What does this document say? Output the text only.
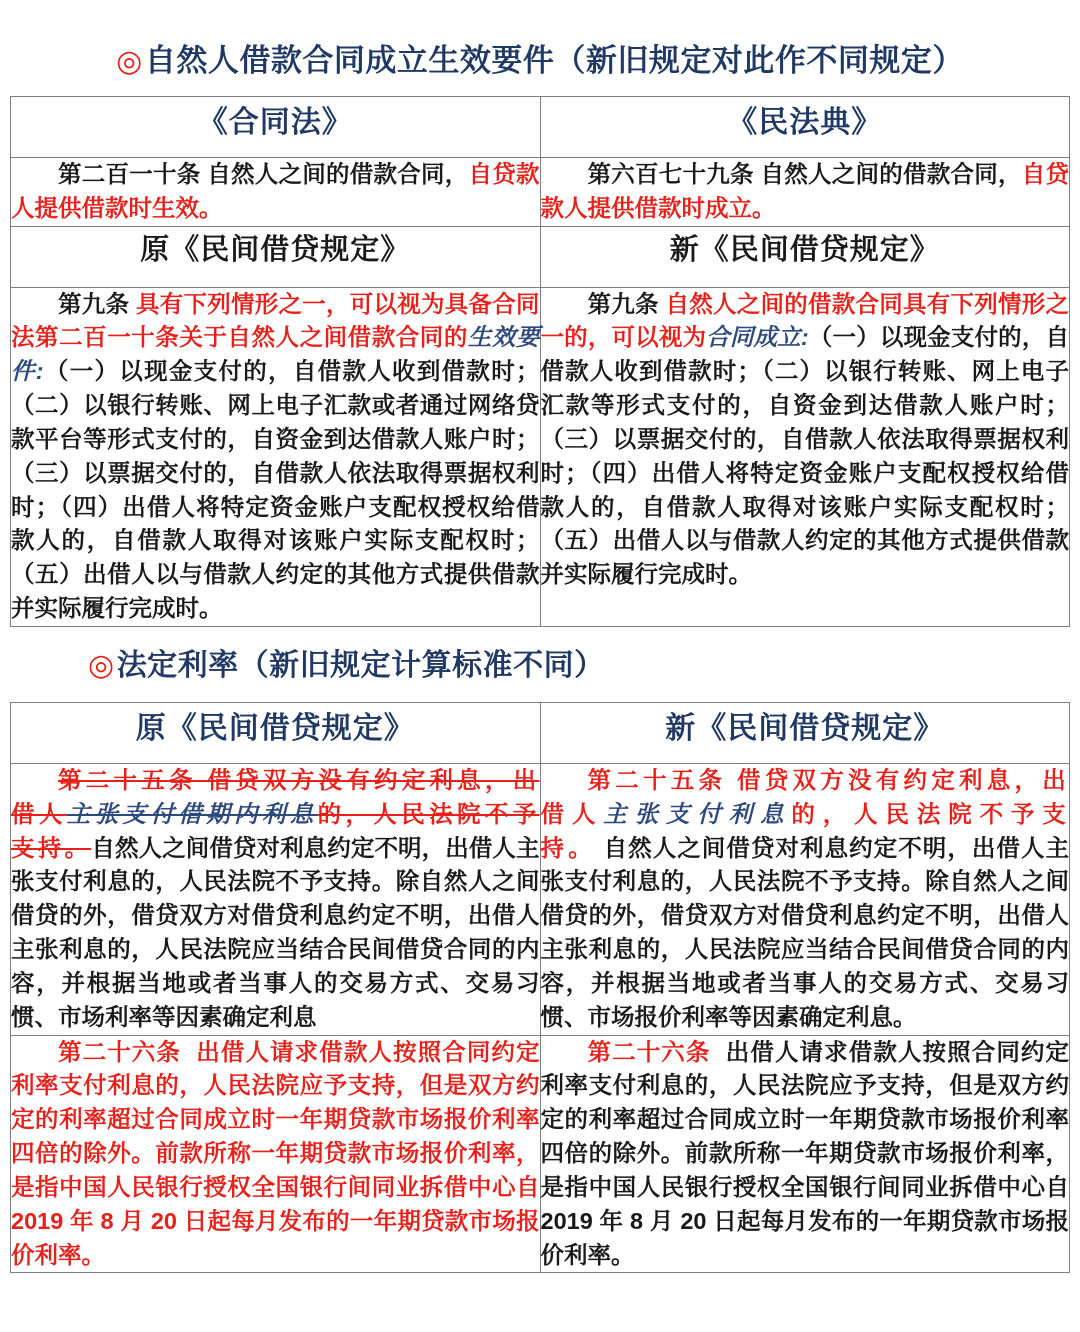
◎自然人借款合同成立生效要件（新旧规定对此作不同规定）
《合同法》	《民法典》

第二百一十条 自然人之间的借款合同，自贷款人提供借款时生效。	第六百七十九条 自然人之间的借款合同，自贷款人提供借款时成立。

原《民间借贷规定》	新《民间借贷规定》

第九条 具有下列情形之一，可以视为具备合同法第二百一十条关于自然人之间借款合同的生效要件:（一）以现金支付的，自借款人收到借款时；（二）以银行转账、网上电子汇款或者通过网络贷款平台等形式支付的，自资金到达借款人账户时；（三）以票据交付的，自借款人依法取得票据权利时；（四）出借人将特定资金账户支配权授权给借款人的，自借款人取得对该账户实际支配权时；（五）出借人以与借款人约定的其他方式提供借款并实际履行完成时。	第九条 自然人之间的借款合同具有下列情形之一的，可以视为合同成立:（一）以现金支付的，自借款人收到借款时；（二）以银行转账、网上电子汇款等形式支付的，自资金到达借款人账户时；（三）以票据交付的，自借款人依法取得票据权利时；（四）出借人将特定资金账户支配权授权给借款人的，自借款人取得对该账户实际支配权时；（五）出借人以与借款人约定的其他方式提供借款并实际履行完成时。

◎法定利率（新旧规定计算标准不同）
原《民间借贷规定》	新《民间借贷规定》

第二十五条 借贷双方没有约定利息，出借人主张支付借期内利息的，人民法院不予支持。自然人之间借贷对利息约定不明，出借人主张支付利息的，人民法院不予支持。除自然人之间借贷的外，借贷双方对借贷利息约定不明，出借人主张利息的，人民法院应当结合民间借贷合同的内容，并根据当地或者当事人的交易方式、交易习惯、市场利率等因素确定利息	第二十五条 借贷双方没有约定利息，出借人主张支付利息的，人民法院不予支持。 自然人之间借贷对利息约定不明，出借人主张支付利息的，人民法院不予支持。除自然人之间借贷的外，借贷双方对借贷利息约定不明，出借人主张利息的，人民法院应当结合民间借贷合同的内容，并根据当地或者当事人的交易方式、交易习惯、市场报价利率等因素确定利息。

第二十六条 出借人请求借款人按照合同约定利率支付利息的，人民法院应予支持，但是双方约定的利率超过合同成立时一年期贷款市场报价利率四倍的除外。前款所称一年期贷款市场报价利率，是指中国人民银行授权全国银行间同业拆借中心自 2019 年 8 月 20 日起每月发布的一年期贷款市场报价利率。	第二十六条 出借人请求借款人按照合同约定利率支付利息的，人民法院应予支持，但是双方约定的利率超过合同成立时一年期贷款市场报价利率四倍的除外。前款所称一年期贷款市场报价利率，是指中国人民银行授权全国银行间同业拆借中心自 2019 年 8 月 20 日起每月发布的一年期贷款市场报价利率。
